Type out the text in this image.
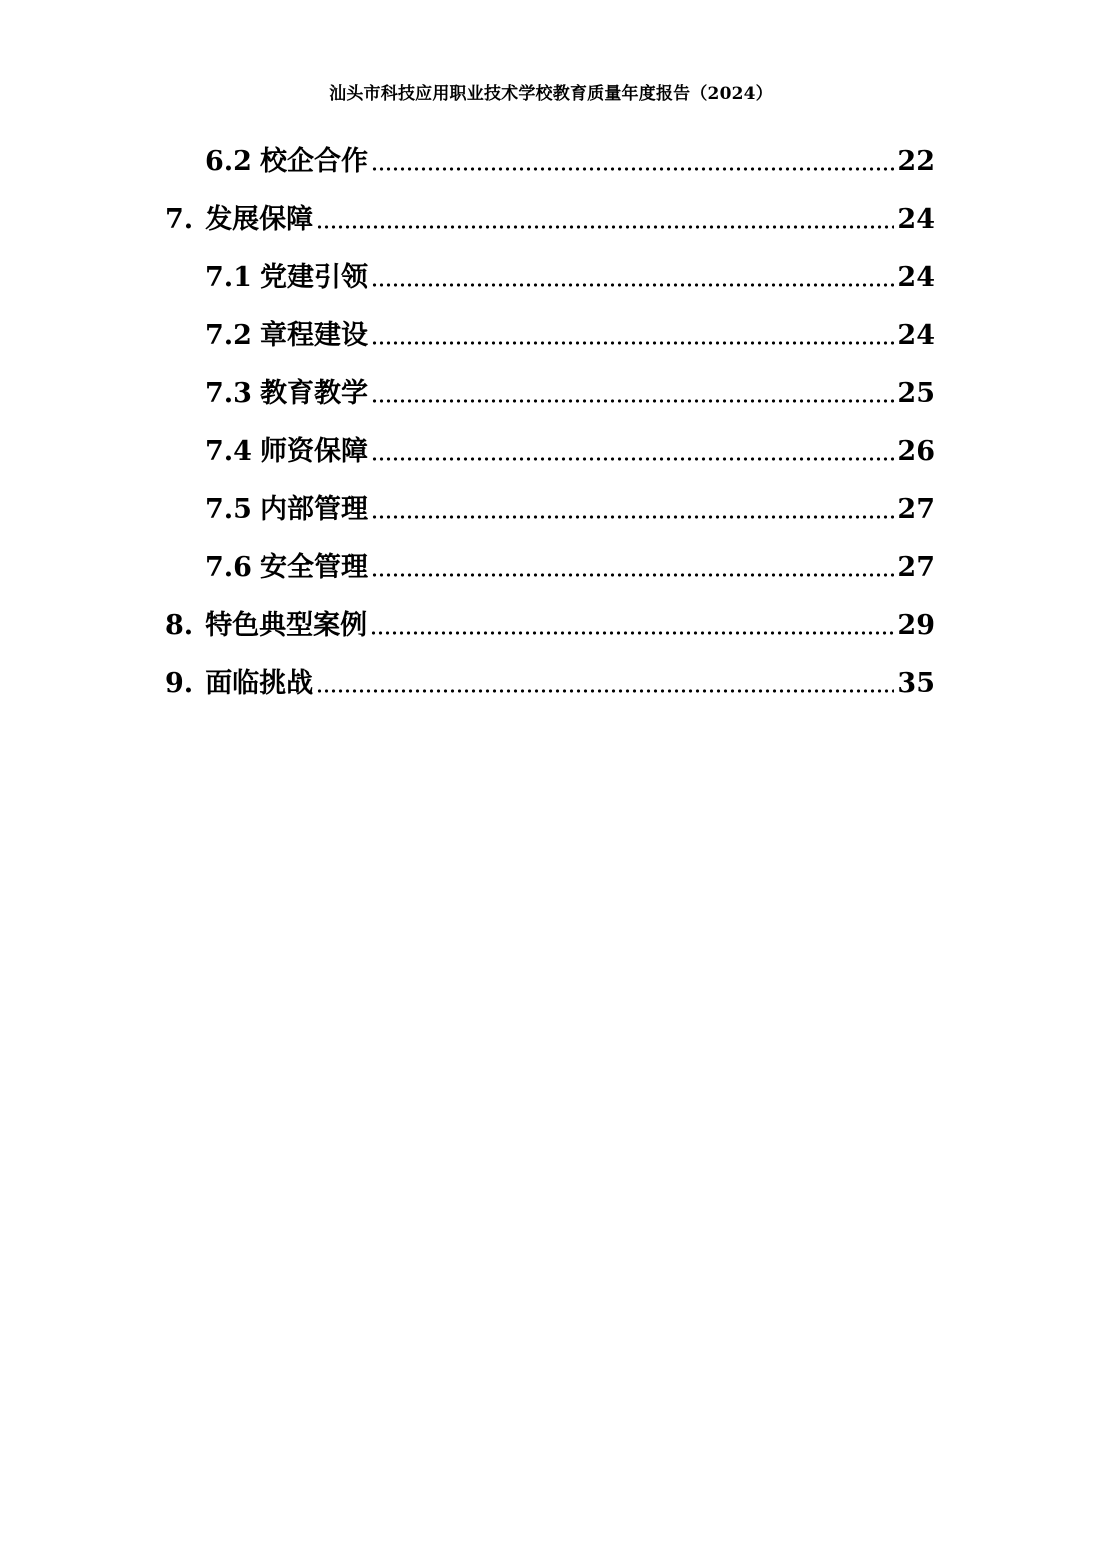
汕头市科技应用职业技术学校教育质量年度报告（2024）
6.2 校企合作	22
7. 发展保障	24
7.1 党建引领	24
7.2 章程建设	24
7.3 教育教学	25
7.4 师资保障	26
7.5 内部管理	27
7.6 安全管理	27
8. 特色典型案例	29
9. 面临挑战	35
